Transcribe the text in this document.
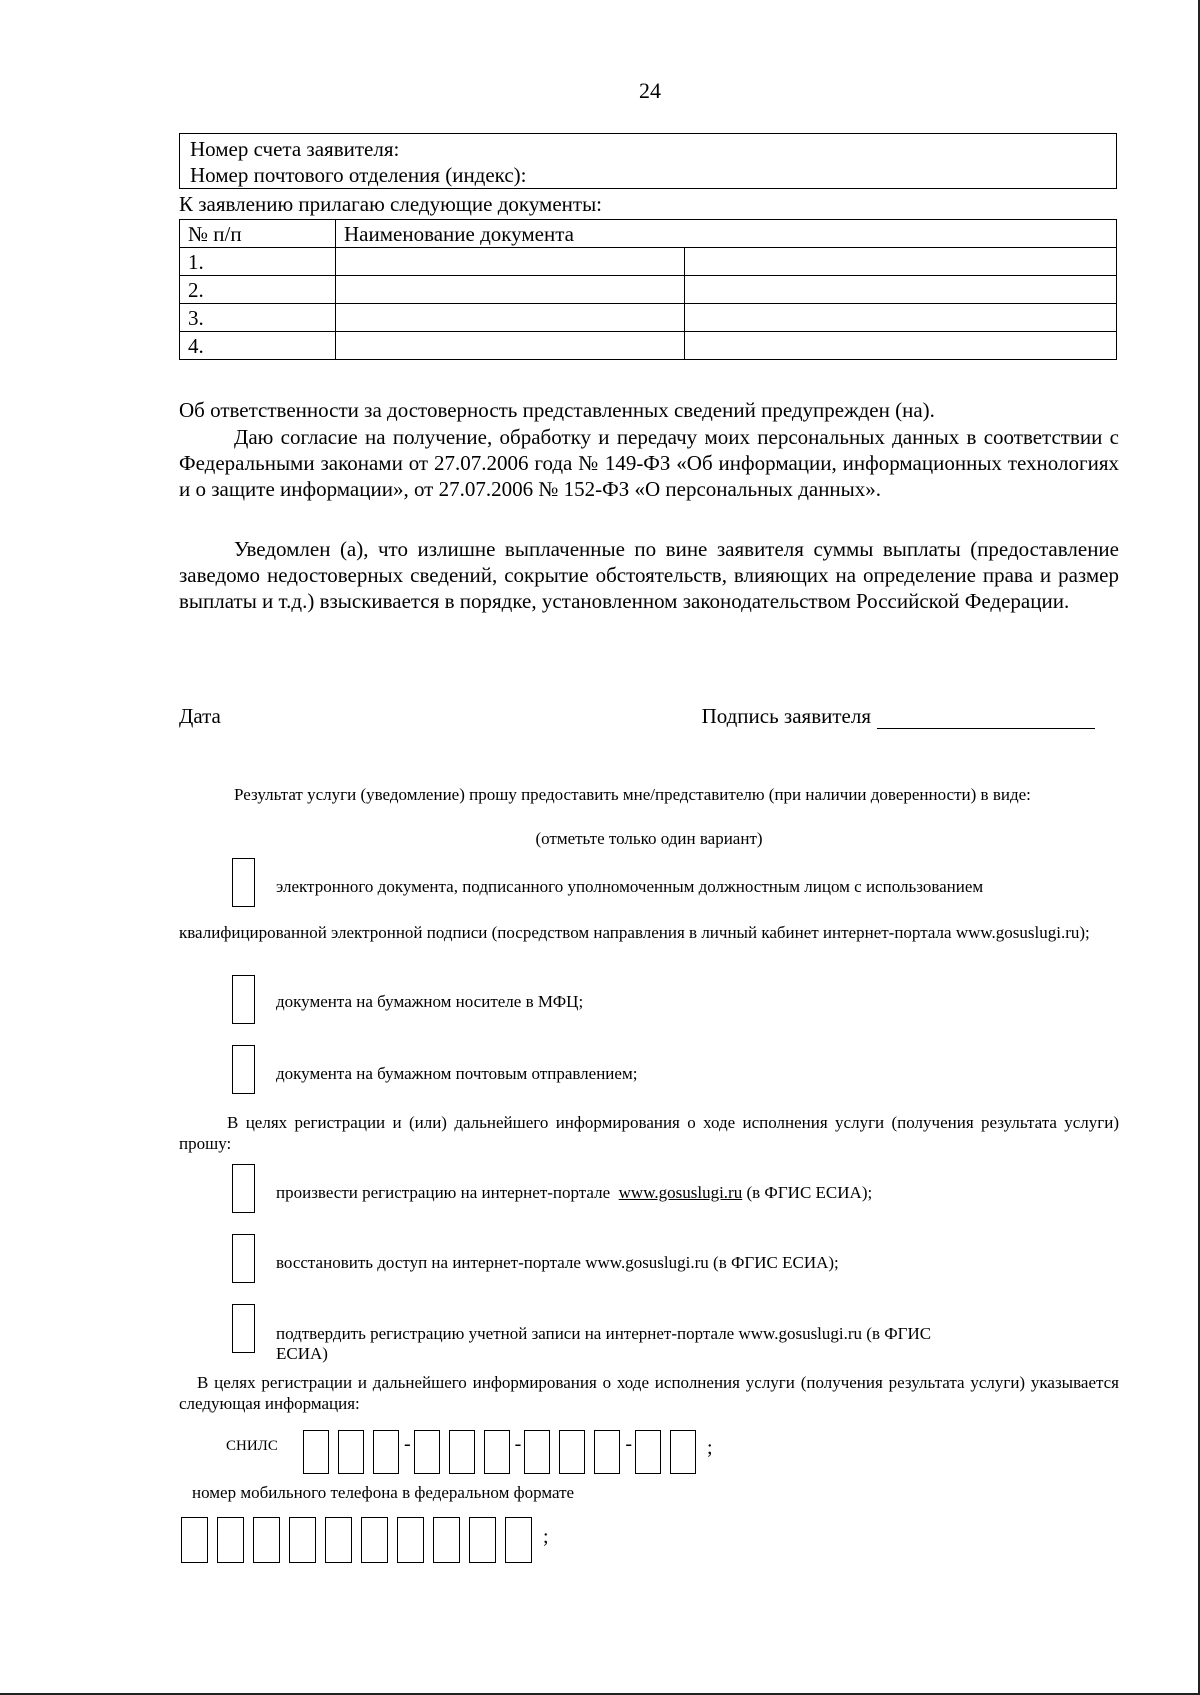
24
Номер счета заявителя:
Номер почтового отделения (индекс):
К заявлению прилагаю следующие документы:
№ п/п	Наименование документа	
1.		
2.		
3.		
4.		
Об ответственности за достоверность представленных сведений предупрежден (на).
Даю согласие на получение, обработку и передачу моих персональных данных в соответствии с Федеральными законами от 27.07.2006 года № 149-ФЗ «Об информации, информационных технологиях и о защите информации», от 27.07.2006 № 152-ФЗ «О персональных данных».
Уведомлен (а), что излишне выплаченные по вине заявителя суммы выплаты (предоставление заведомо недостоверных сведений, сокрытие обстоятельств, влияющих на определение права и размер выплаты и т.д.) взыскивается в порядке, установленном законодательством Российской Федерации.
Дата	Подпись заявителя
Результат услуги (уведомление) прошу предоставить мне/представителю (при наличии доверенности) в виде:
(отметьте только один вариант)
электронного документа, подписанного уполномоченным должностным лицом с использованием
квалифицированной электронной подписи (посредством направления в личный кабинет интернет-портала www.gosuslugi.ru);
документа на бумажном носителе в МФЦ;
документа на бумажном почтовым отправлением;
В целях регистрации и (или) дальнейшего информирования о ходе исполнения услуги (получения результата услуги) прошу:
произвести регистрацию на интернет-портале www.gosuslugi.ru (в ФГИС ЕСИА);
восстановить доступ на интернет-портале www.gosuslugi.ru (в ФГИС ЕСИА);
подтвердить регистрацию учетной записи на интернет-портале www.gosuslugi.ru (в ФГИС
ЕСИА)
В целях регистрации и дальнейшего информирования о ходе исполнения услуги (получения результата услуги) указывается следующая информация:
СНИЛС	-	-	-	;
номер мобильного телефона в федеральном формате
;
